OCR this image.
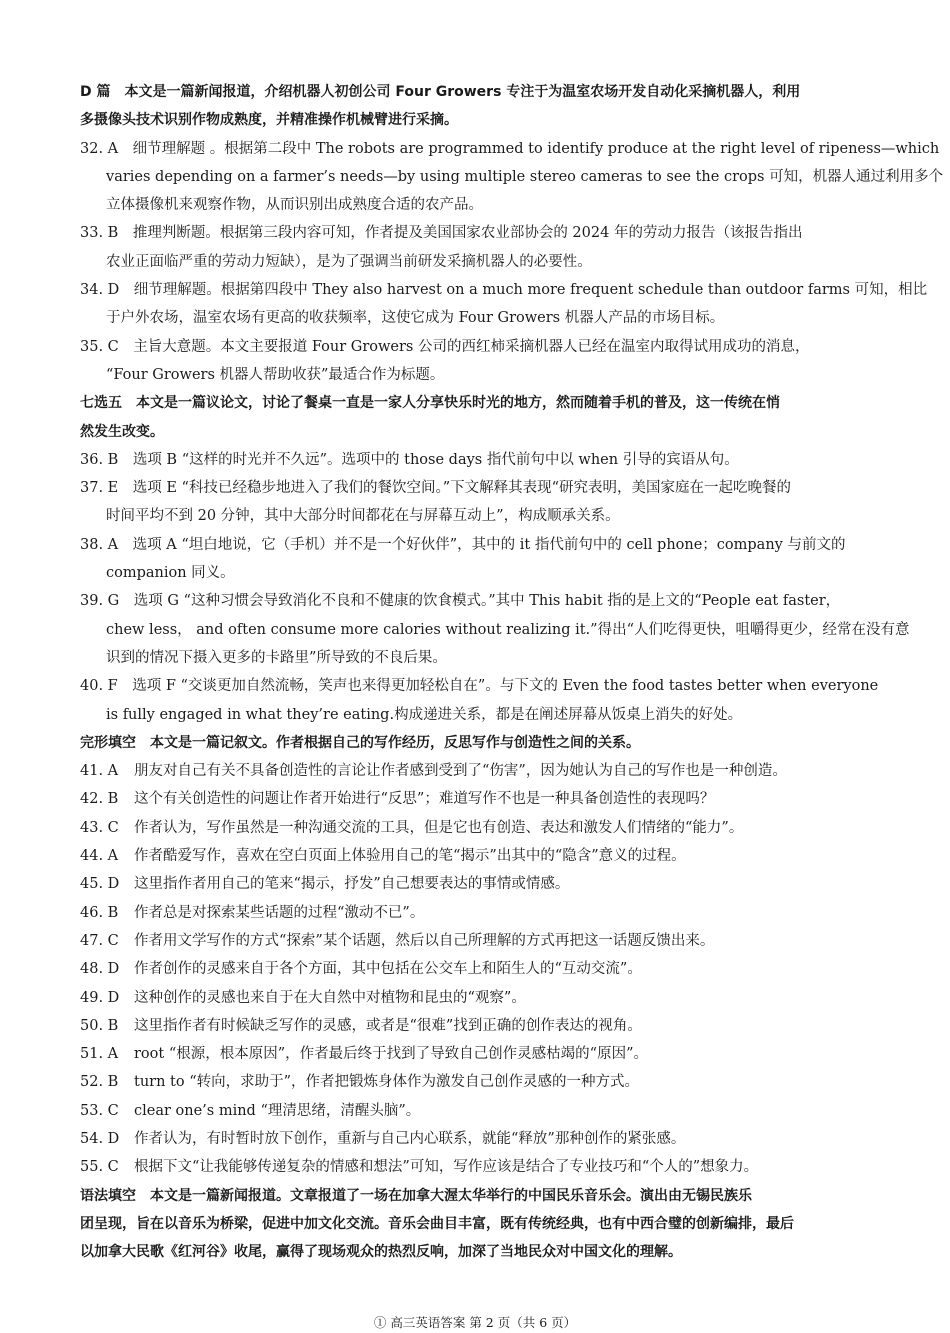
D 篇　本文是一篇新闻报道，介绍机器人初创公司 Four Growers 专注于为温室农场开发自动化采摘机器人，利用
多摄像头技术识别作物成熟度，并精准操作机械臂进行采摘。
32. A　细节理解题 。根据第二段中 The robots are programmed to identify produce at the right level of ripeness—which
varies depending on a farmer’s needs—by using multiple stereo cameras to see the crops 可知，机器人通过利用多个
立体摄像机来观察作物，从而识别出成熟度合适的农产品。
33. B　推理判断题。根据第三段内容可知，作者提及美国国家农业部协会的 2024 年的劳动力报告（该报告指出
农业正面临严重的劳动力短缺），是为了强调当前研发采摘机器人的必要性。
34. D　细节理解题。根据第四段中 They also harvest on a much more frequent schedule than outdoor farms 可知，相比
于户外农场，温室农场有更高的收获频率，这使它成为 Four Growers 机器人产品的市场目标。
35. C　主旨大意题。本文主要报道 Four Growers 公司的西红柿采摘机器人已经在温室内取得试用成功的消息，
“Four Growers 机器人帮助收获”最适合作为标题。
七选五　本文是一篇议论文，讨论了餐桌一直是一家人分享快乐时光的地方，然而随着手机的普及，这一传统在悄
然发生改变。
36. B　选项 B “这样的时光并不久远”。选项中的 those days 指代前句中以 when 引导的宾语从句。
37. E　选项 E “科技已经稳步地进入了我们的餐饮空间。”下文解释其表现“研究表明，美国家庭在一起吃晚餐的
时间平均不到 20 分钟，其中大部分时间都花在与屏幕互动上”，构成顺承关系。
38. A　选项 A “坦白地说，它（手机）并不是一个好伙伴”，其中的 it 指代前句中的 cell phone；company 与前文的
companion 同义。
39. G　选项 G “这种习惯会导致消化不良和不健康的饮食模式。”其中 This habit 指的是上文的“People eat faster，
chew less， and often consume more calories without realizing it.”得出“人们吃得更快，咀嚼得更少，经常在没有意
识到的情况下摄入更多的卡路里”所导致的不良后果。
40. F　选项 F “交谈更加自然流畅，笑声也来得更加轻松自在”。与下文的 Even the food tastes better when everyone
is fully engaged in what they’re eating.构成递进关系，都是在阐述屏幕从饭桌上消失的好处。
完形填空　本文是一篇记叙文。作者根据自己的写作经历，反思写作与创造性之间的关系。
41. A 朋友对自己有关不具备创造性的言论让作者感到受到了“伤害”，因为她认为自己的写作也是一种创造。
42. B 这个有关创造性的问题让作者开始进行“反思”；难道写作不也是一种具备创造性的表现吗？
43. C 作者认为，写作虽然是一种沟通交流的工具，但是它也有创造、表达和激发人们情绪的“能力”。
44. A 作者酷爱写作，喜欢在空白页面上体验用自己的笔“揭示”出其中的“隐含”意义的过程。
45. D 这里指作者用自己的笔来“揭示，抒发”自己想要表达的事情或情感。
46. B 作者总是对探索某些话题的过程“激动不已”。
47. C 作者用文学写作的方式“探索”某个话题，然后以自己所理解的方式再把这一话题反馈出来。
48. D 作者创作的灵感来自于各个方面，其中包括在公交车上和陌生人的“互动交流”。
49. D 这种创作的灵感也来自于在大自然中对植物和昆虫的“观察”。
50. B 这里指作者有时候缺乏写作的灵感，或者是“很难”找到正确的创作表达的视角。
51. A root “根源，根本原因”，作者最后终于找到了导致自己创作灵感枯竭的“原因”。
52. B turn to “转向，求助于”，作者把锻炼身体作为激发自己创作灵感的一种方式。
53. C clear one’s mind “理清思绪，清醒头脑”。
54. D 作者认为，有时暂时放下创作，重新与自己内心联系，就能“释放”那种创作的紧张感。
55. C 根据下文“让我能够传递复杂的情感和想法”可知，写作应该是结合了专业技巧和“个人的”想象力。
语法填空　本文是一篇新闻报道。文章报道了一场在加拿大渥太华举行的中国民乐音乐会。演出由无锡民族乐
团呈现，旨在以音乐为桥梁，促进中加文化交流。音乐会曲目丰富，既有传统经典，也有中西合璧的创新编排，最后
以加拿大民歌《红河谷》收尾，赢得了现场观众的热烈反响，加深了当地民众对中国文化的理解。
① 高三英语答案 第 2 页（共 6 页）
